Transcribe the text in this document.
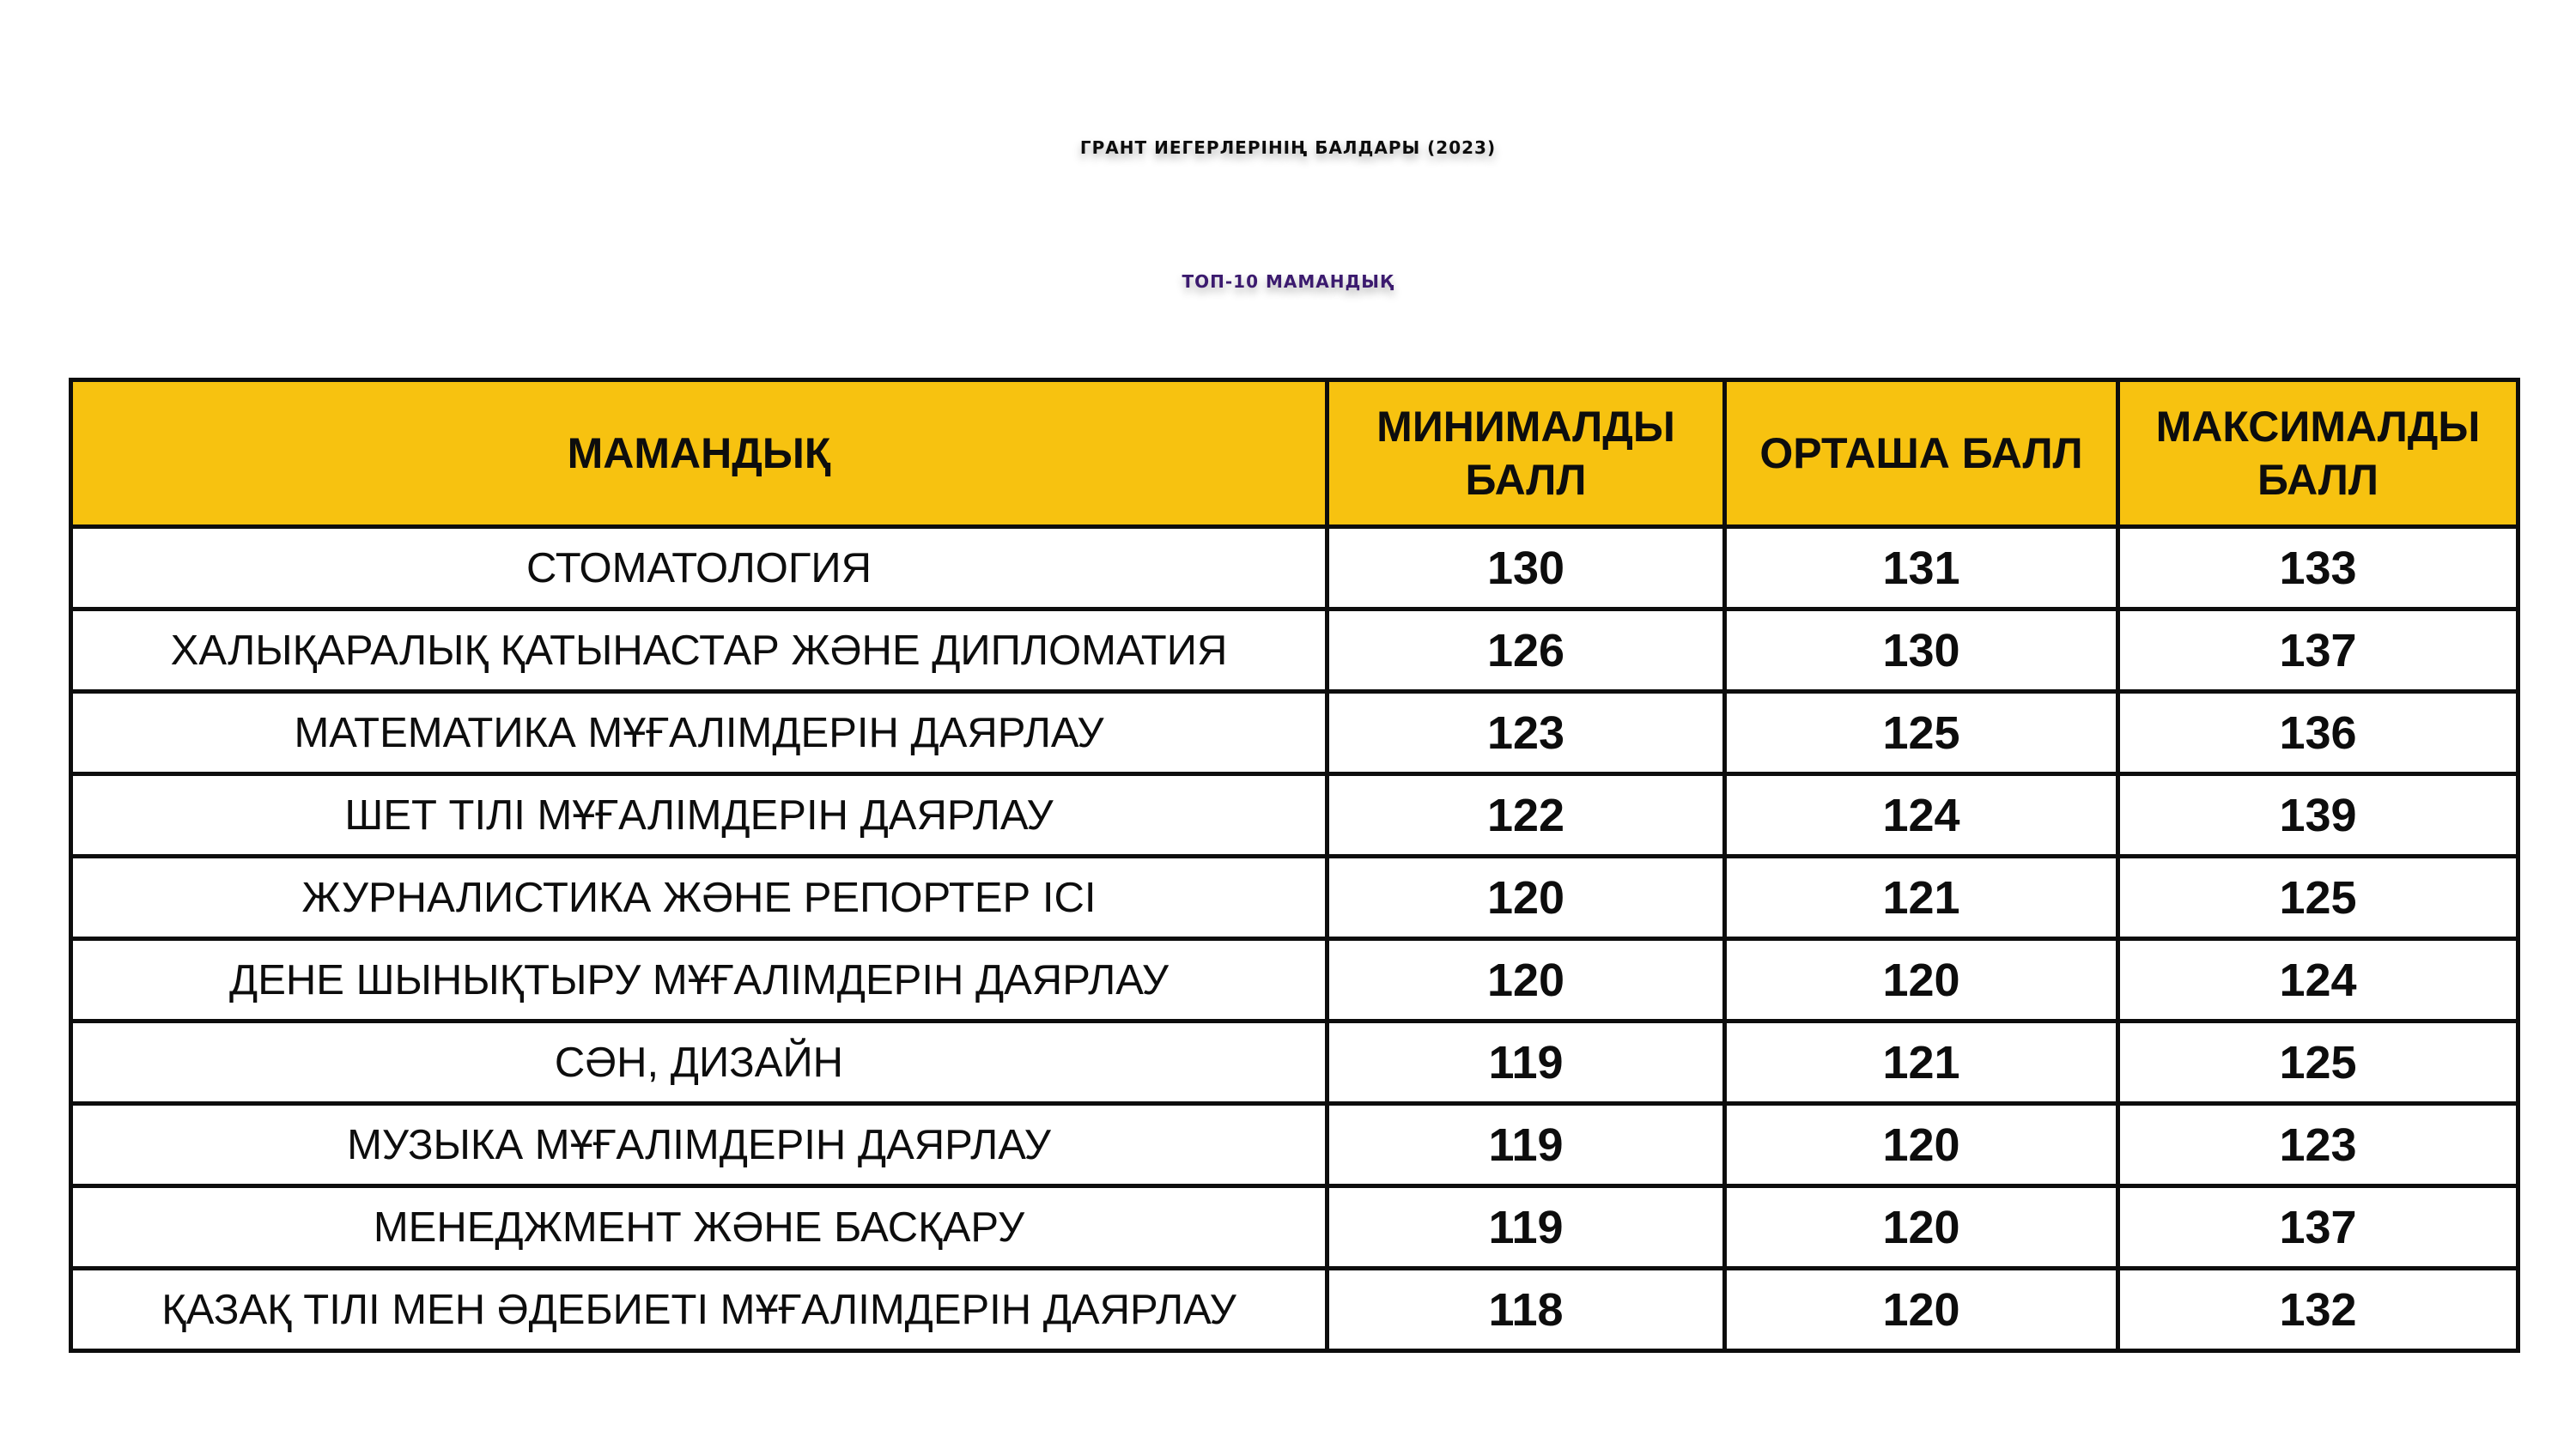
ГРАНТ ИЕГЕРЛЕРІНІҢ БАЛДАРЫ (2023)
ТОП-10 МАМАНДЫҚ
МАМАНДЫҚ	МИНИМАЛДЫ БАЛЛ	ОРТАША БАЛЛ	МАКСИМАЛДЫ БАЛЛ
СТОМАТОЛОГИЯ	130	131	133
ХАЛЫҚАРАЛЫҚ ҚАТЫНАСТАР ЖӘНЕ ДИПЛОМАТИЯ	126	130	137
МАТЕМАТИКА МҰҒАЛІМДЕРІН ДАЯРЛАУ	123	125	136
ШЕТ ТІЛІ МҰҒАЛІМДЕРІН ДАЯРЛАУ	122	124	139
ЖУРНАЛИСТИКА ЖӘНЕ РЕПОРТЕР ІСІ	120	121	125
ДЕНЕ ШЫНЫҚТЫРУ МҰҒАЛІМДЕРІН ДАЯРЛАУ	120	120	124
СӘН, ДИЗАЙН	119	121	125
МУЗЫКА МҰҒАЛІМДЕРІН ДАЯРЛАУ	119	120	123
МЕНЕДЖМЕНТ ЖӘНЕ БАСҚАРУ	119	120	137
ҚАЗАҚ ТІЛІ МЕН ӘДЕБИЕТІ МҰҒАЛІМДЕРІН ДАЯРЛАУ	118	120	132
